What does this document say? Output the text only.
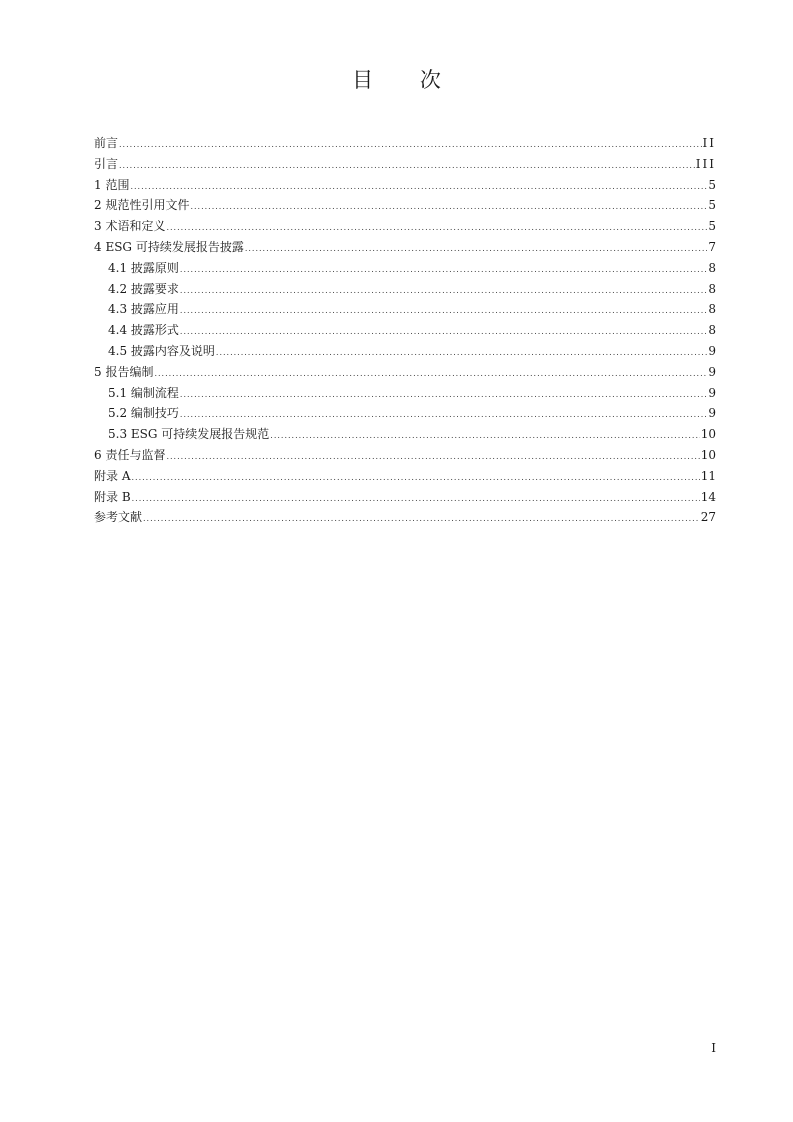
目 次
前言 .....	II
引言 .....	III
1 范围 .....	5
2 规范性引用文件 .....	5
3 术语和定义 .....	5
4 ESG 可持续发展报告披露 .....	7
4.1 披露原则 .....	8
4.2 披露要求 .....	8
4.3 披露应用 .....	8
4.4 披露形式 .....	8
4.5 披露内容及说明 .....	9
5 报告编制 .....	9
5.1 编制流程 .....	9
5.2 编制技巧 .....	9
5.3 ESG 可持续发展报告规范 .....	10
6 责任与监督 .....	10
附录 A .....	11
附录 B .....	14
参考文献 .....	27
I
